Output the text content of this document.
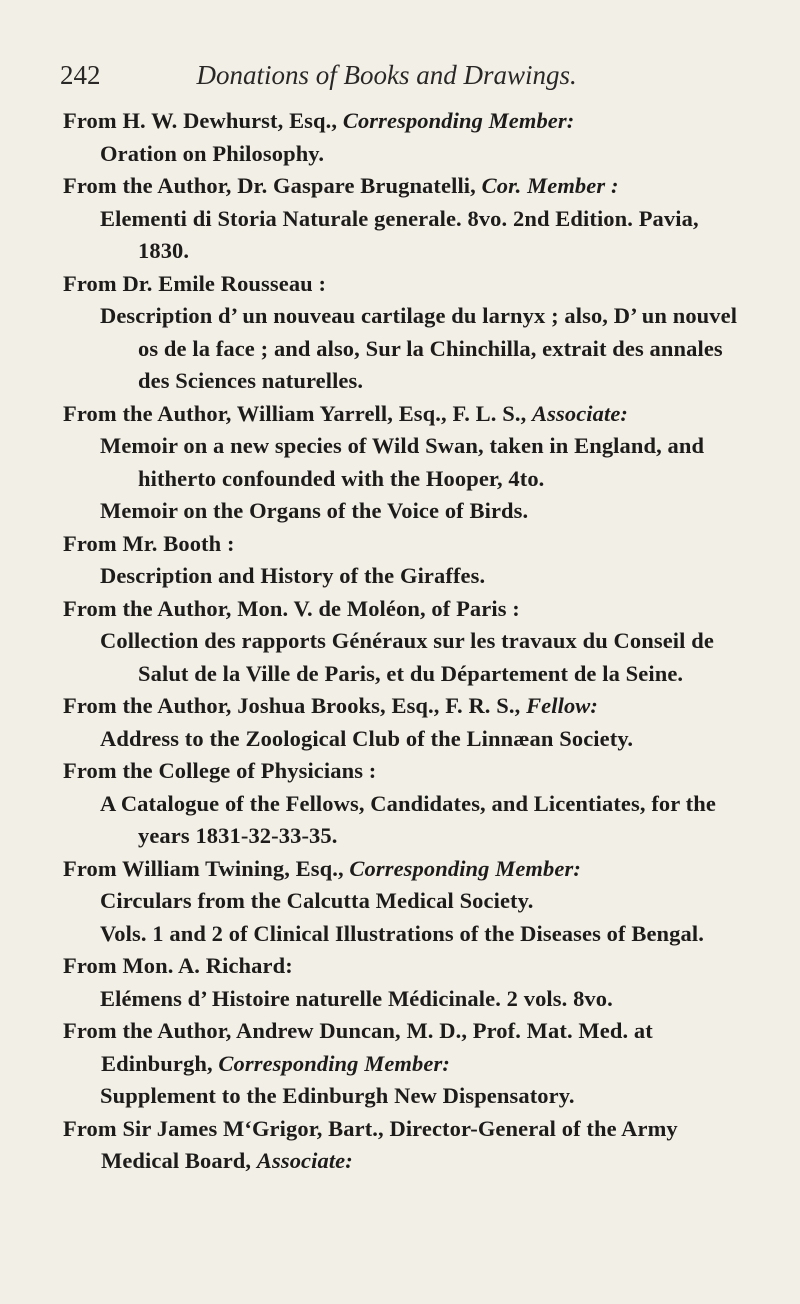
242	Donations of Books and Drawings.
From H. W. Dewhurst, Esq., Corresponding Member:
Oration on Philosophy.
From the Author, Dr. Gaspare Brugnatelli, Cor. Member :
Elementi di Storia Naturale generale. 8vo. 2nd Edition. Pavia, 1830.
From Dr. Emile Rousseau :
Description d’ un nouveau cartilage du larnyx ; also, D’ un nouvel os de la face ; and also, Sur la Chinchilla, extrait des annales des Sciences naturelles.
From the Author, William Yarrell, Esq., F. L. S., Associate:
Memoir on a new species of Wild Swan, taken in England, and hitherto confounded with the Hooper, 4to.
Memoir on the Organs of the Voice of Birds.
From Mr. Booth :
Description and History of the Giraffes.
From the Author, Mon. V. de Moléon, of Paris :
Collection des rapports Généraux sur les travaux du Conseil de Salut de la Ville de Paris, et du Département de la Seine.
From the Author, Joshua Brooks, Esq., F. R. S., Fellow:
Address to the Zoological Club of the Linnæan Society.
From the College of Physicians :
A Catalogue of the Fellows, Candidates, and Licentiates, for the years 1831-32-33-35.
From William Twining, Esq., Corresponding Member:
Circulars from the Calcutta Medical Society.
Vols. 1 and 2 of Clinical Illustrations of the Diseases of Bengal.
From Mon. A. Richard:
Elémens d’ Histoire naturelle Médicinale. 2 vols. 8vo.
From the Author, Andrew Duncan, M. D., Prof. Mat. Med. at Edinburgh, Corresponding Member:
Supplement to the Edinburgh New Dispensatory.
From Sir James M‘Grigor, Bart., Director-General of the Army Medical Board, Associate:
